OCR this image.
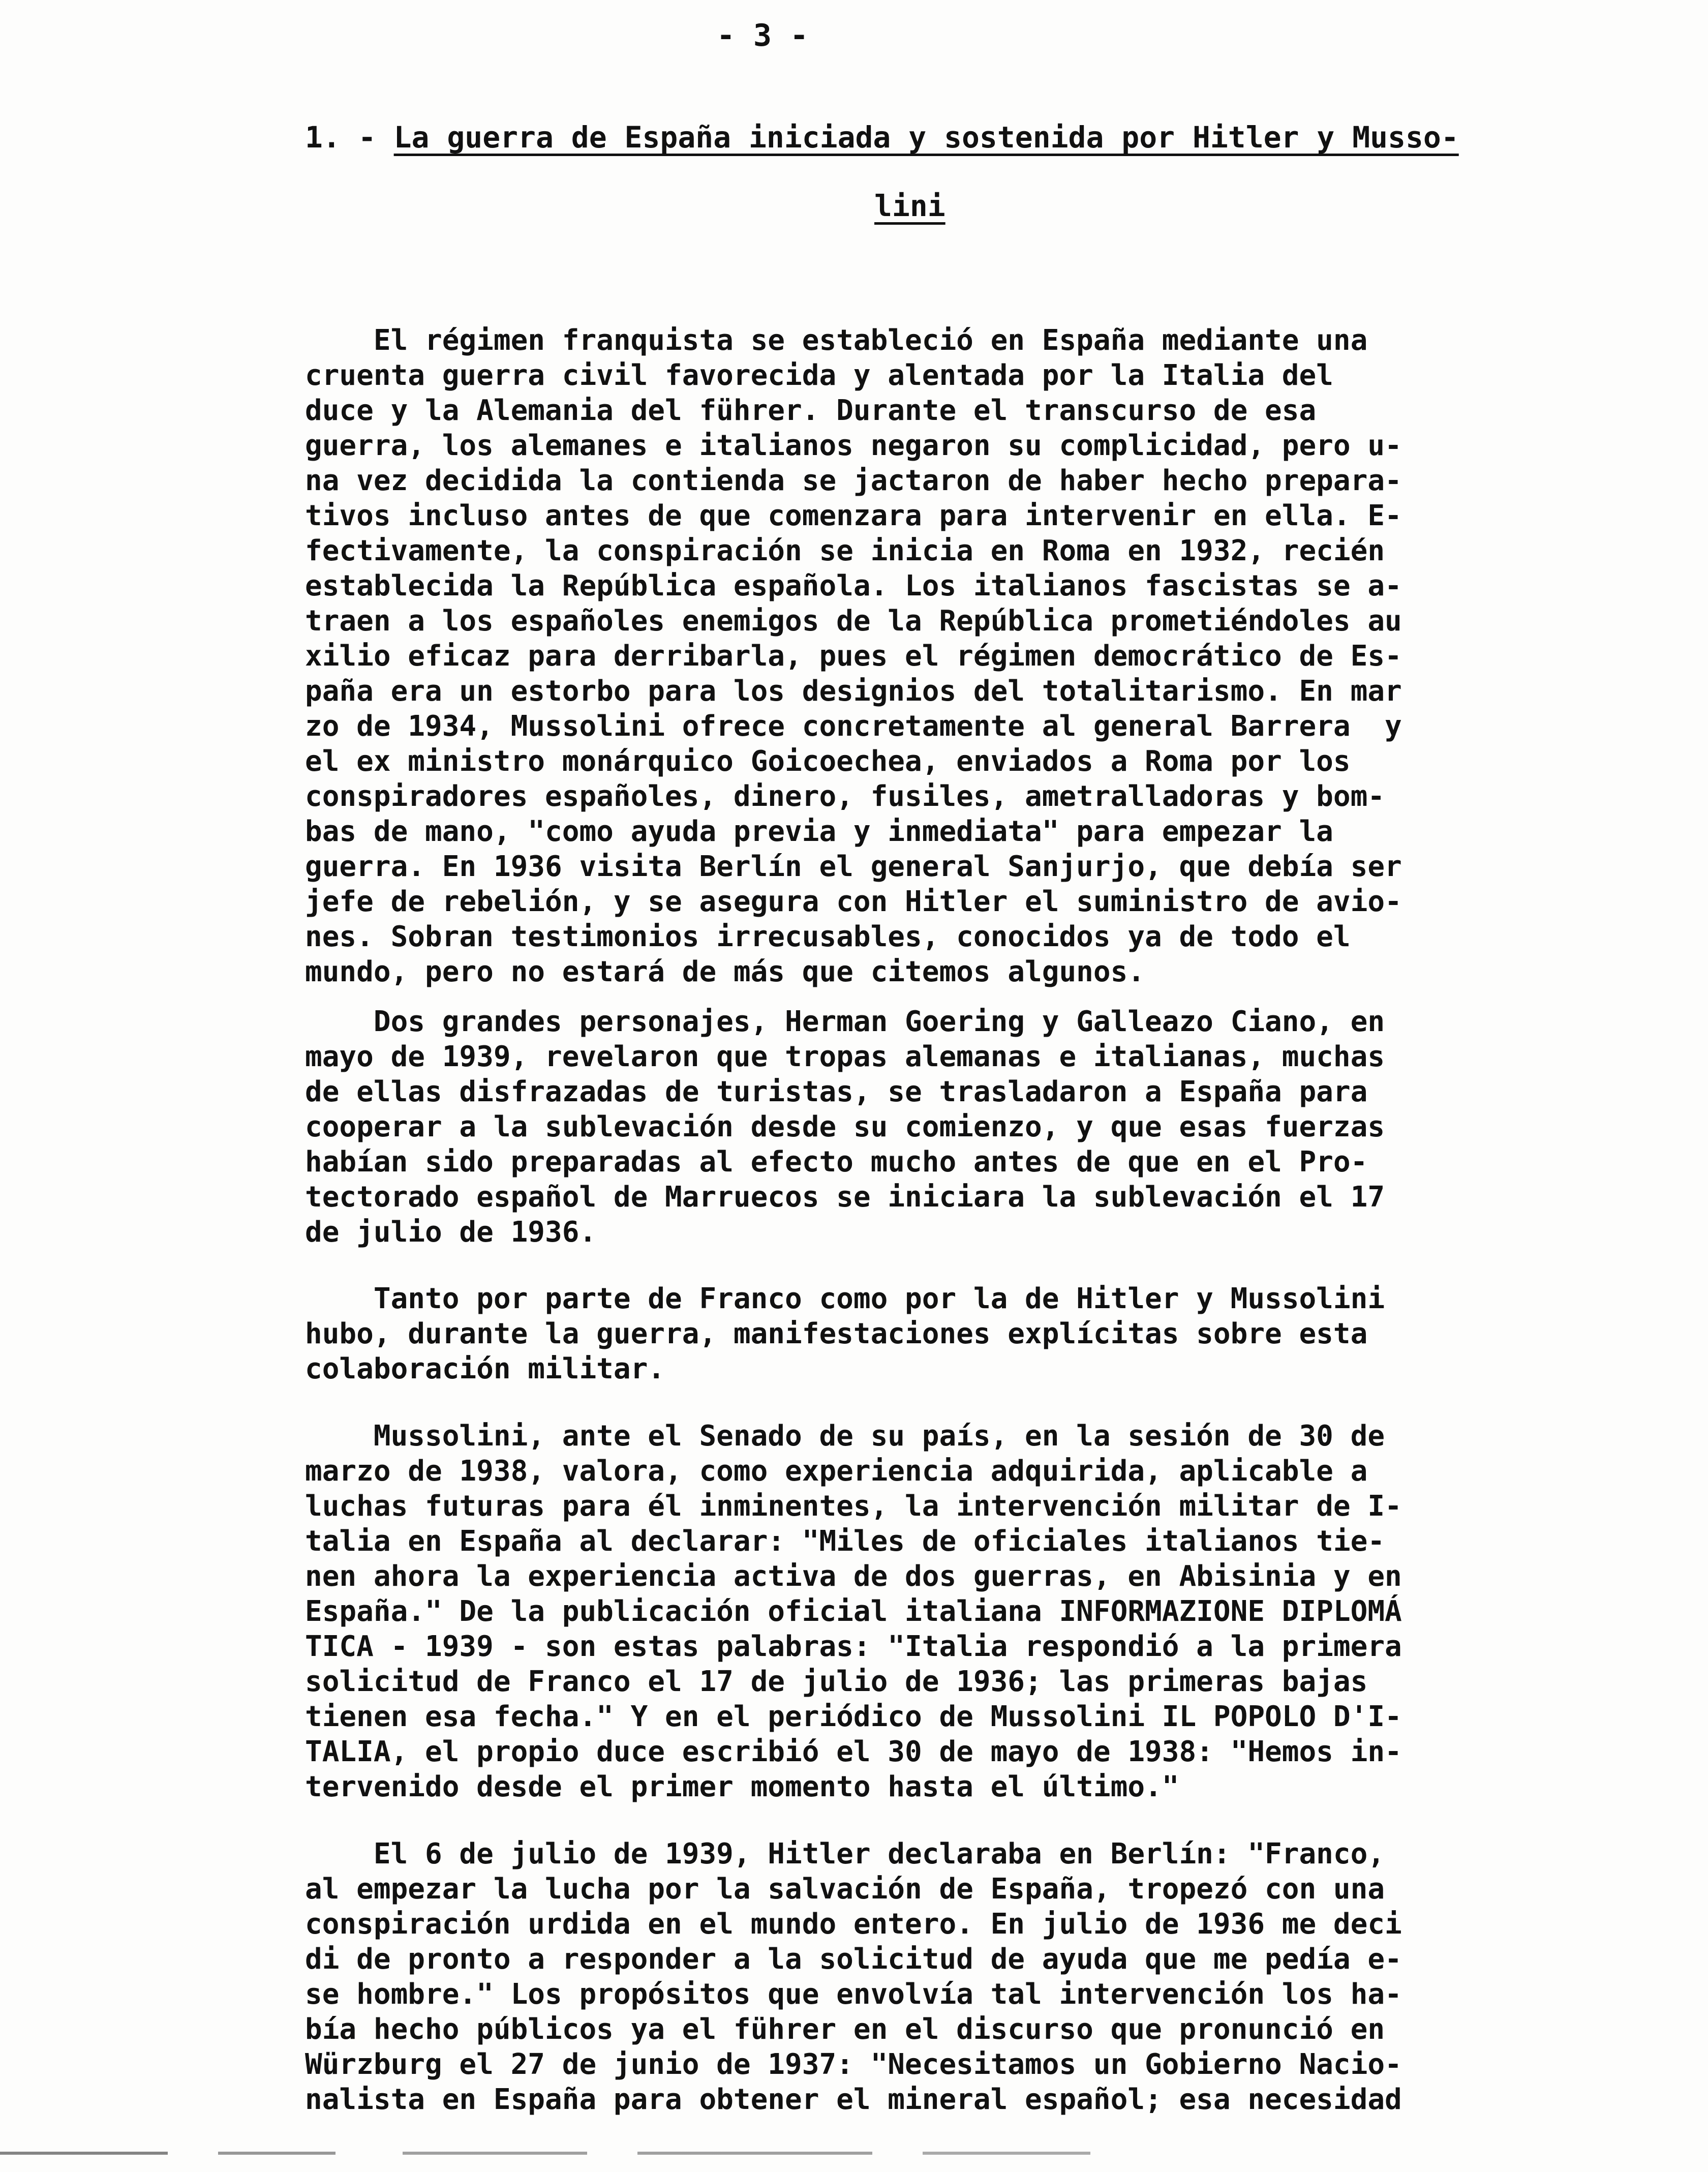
- 3 -
1. - La guerra de España iniciada y sostenida por Hitler y Musso-
lini
El régimen franquista se estableció en España mediante una
cruenta guerra civil favorecida y alentada por la Italia del
duce y la Alemania del führer. Durante el transcurso de esa
guerra, los alemanes e italianos negaron su complicidad, pero u-
na vez decidida la contienda se jactaron de haber hecho prepara-
tivos incluso antes de que comenzara para intervenir en ella. E-
fectivamente, la conspiración se inicia en Roma en 1932, recién
establecida la República española. Los italianos fascistas se a-
traen a los españoles enemigos de la República prometiéndoles au
xilio eficaz para derribarla, pues el régimen democrático de Es-
paña era un estorbo para los designios del totalitarismo. En mar
zo de 1934, Mussolini ofrece concretamente al general Barrera  y
el ex ministro monárquico Goicoechea, enviados a Roma por los
conspiradores españoles, dinero, fusiles, ametralladoras y bom-
bas de mano, "como ayuda previa y inmediata" para empezar la
guerra. En 1936 visita Berlín el general Sanjurjo, que debía ser
jefe de rebelión, y se asegura con Hitler el suministro de avio-
nes. Sobran testimonios irrecusables, conocidos ya de todo el
mundo, pero no estará de más que citemos algunos.
Dos grandes personajes, Herman Goering y Galleazo Ciano, en
mayo de 1939, revelaron que tropas alemanas e italianas, muchas
de ellas disfrazadas de turistas, se trasladaron a España para
cooperar a la sublevación desde su comienzo, y que esas fuerzas
habían sido preparadas al efecto mucho antes de que en el Pro-
tectorado español de Marruecos se iniciara la sublevación el 17
de julio de 1936.
Tanto por parte de Franco como por la de Hitler y Mussolini
hubo, durante la guerra, manifestaciones explícitas sobre esta
colaboración militar.
Mussolini, ante el Senado de su país, en la sesión de 30 de
marzo de 1938, valora, como experiencia adquirida, aplicable a
luchas futuras para él inminentes, la intervención militar de I-
talia en España al declarar: "Miles de oficiales italianos tie-
nen ahora la experiencia activa de dos guerras, en Abisinia y en
España." De la publicación oficial italiana INFORMAZIONE DIPLOMÁ
TICA - 1939 - son estas palabras: "Italia respondió a la primera
solicitud de Franco el 17 de julio de 1936; las primeras bajas
tienen esa fecha." Y en el periódico de Mussolini IL POPOLO D'I-
TALIA, el propio duce escribió el 30 de mayo de 1938: "Hemos in-
tervenido desde el primer momento hasta el último."
El 6 de julio de 1939, Hitler declaraba en Berlín: "Franco,
al empezar la lucha por la salvación de España, tropezó con una
conspiración urdida en el mundo entero. En julio de 1936 me deci
di de pronto a responder a la solicitud de ayuda que me pedía e-
se hombre." Los propósitos que envolvía tal intervención los ha-
bía hecho públicos ya el führer en el discurso que pronunció en
Würzburg el 27 de junio de 1937: "Necesitamos un Gobierno Nacio-
nalista en España para obtener el mineral español; esa necesidad
